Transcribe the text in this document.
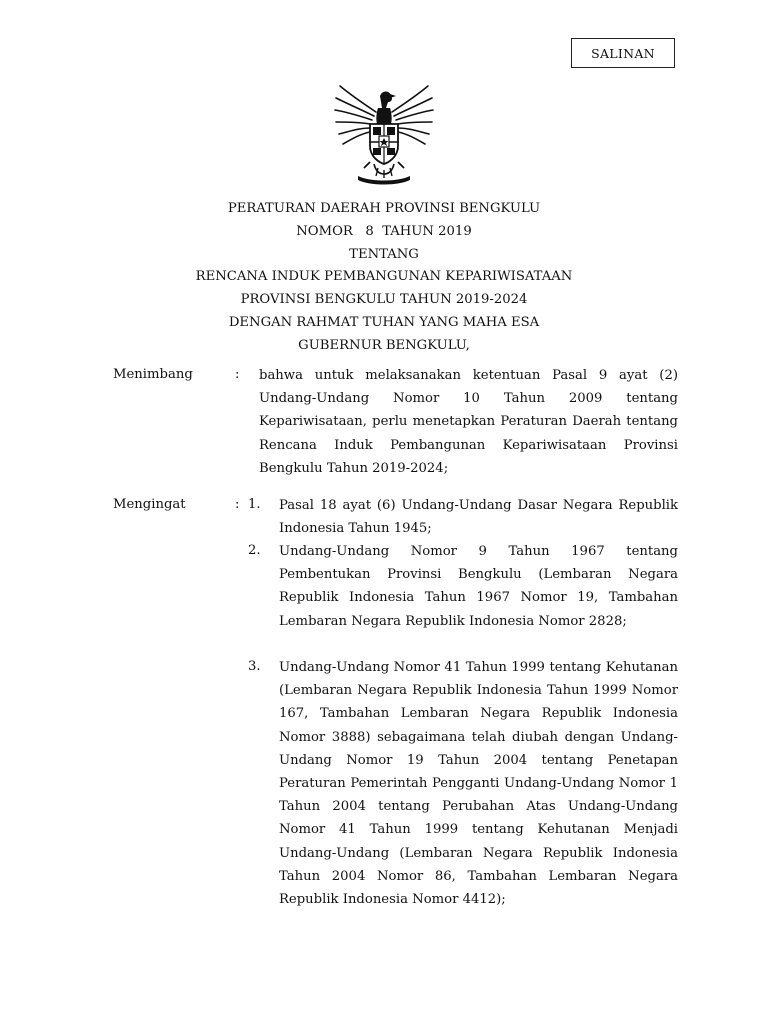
SALINAN
PERATURAN DAERAH PROVINSI BENGKULU
NOMOR   8  TAHUN 2019
TENTANG
RENCANA INDUK PEMBANGUNAN KEPARIWISATAAN
PROVINSI BENGKULU TAHUN 2019-2024
DENGAN RAHMAT TUHAN YANG MAHA ESA
GUBERNUR BENGKULU,
Menimbang	: bahwa untuk melaksanakan ketentuan Pasal 9 ayat (2) Undang-Undang Nomor 10 Tahun 2009 tentang Kepariwisataan, perlu menetapkan Peraturan Daerah tentang Rencana Induk Pembangunan Kepariwisataan Provinsi Bengkulu Tahun 2019-2024;
Mengingat	: 1. Pasal 18 ayat (6) Undang-Undang Dasar Negara Republik Indonesia Tahun 1945;
2. Undang-Undang Nomor 9 Tahun 1967 tentang Pembentukan Provinsi Bengkulu (Lembaran Negara Republik Indonesia Tahun 1967 Nomor 19, Tambahan Lembaran Negara Republik Indonesia Nomor 2828;
3. Undang-Undang Nomor 41 Tahun 1999 tentang Kehutanan (Lembaran Negara Republik Indonesia Tahun 1999 Nomor 167, Tambahan Lembaran Negara Republik Indonesia Nomor 3888) sebagaimana telah diubah dengan Undang-Undang Nomor 19 Tahun 2004 tentang Penetapan Peraturan Pemerintah Pengganti Undang-Undang Nomor 1 Tahun 2004 tentang Perubahan Atas Undang-Undang Nomor 41 Tahun 1999 tentang Kehutanan Menjadi Undang-Undang (Lembaran Negara Republik Indonesia Tahun 2004 Nomor 86, Tambahan Lembaran Negara Republik Indonesia Nomor 4412);
